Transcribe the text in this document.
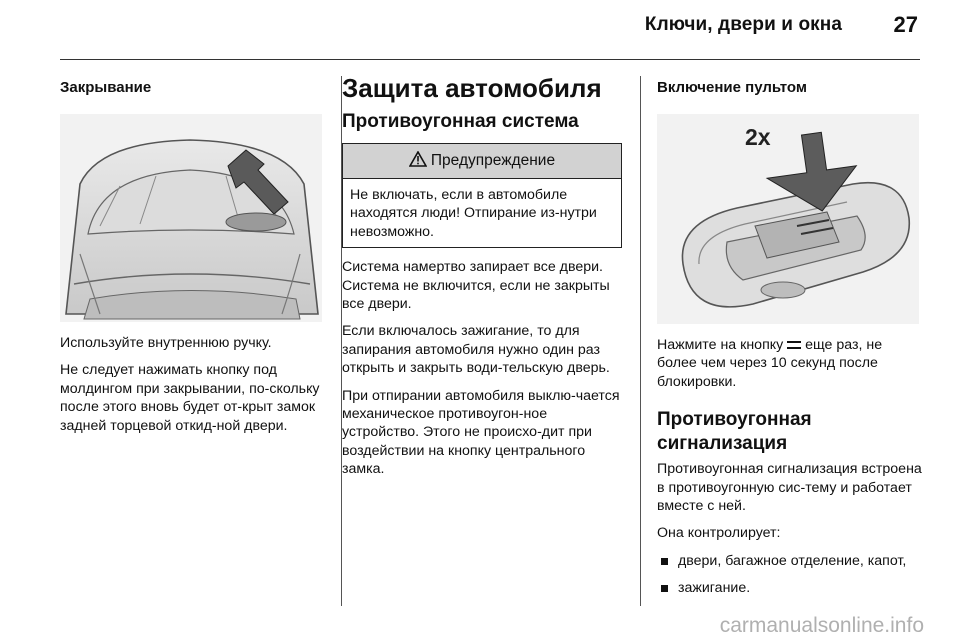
Ключи, двери и окна 27
Закрывание

Используйте внутреннюю ручку.

Не следует нажимать кнопку под молдингом при закрывании, по-скольку после этого вновь будет от-крыт замок задней торцевой откид-ной двери.

Защита автомобиля
Противоугонная система
Предупреждение
Не включать, если в автомобиле находятся люди! Отпирание из-нутри невозможно.

Система намертво запирает все двери. Система не включится, если не закрыты все двери.

Если включалось зажигание, то для запирания автомобиля нужно один раз открыть и закрыть води-тельскую дверь.

При отпирании автомобиля выклю-чается механическое противоугон-ное устройство. Этого не происхо-дит при воздействии на кнопку центрального замка.

Включение пультом
2x

Нажмите на кнопку  еще раз, не более чем через 10 секунд после блокировки.

Противоугонная
сигнализация

Противоугонная сигнализация встроена в противоугонную сис-тему и работает вместе с ней.

Она контролирует:

двери, багажное отделение, капот,
зажигание.
carmanualsonline.info
